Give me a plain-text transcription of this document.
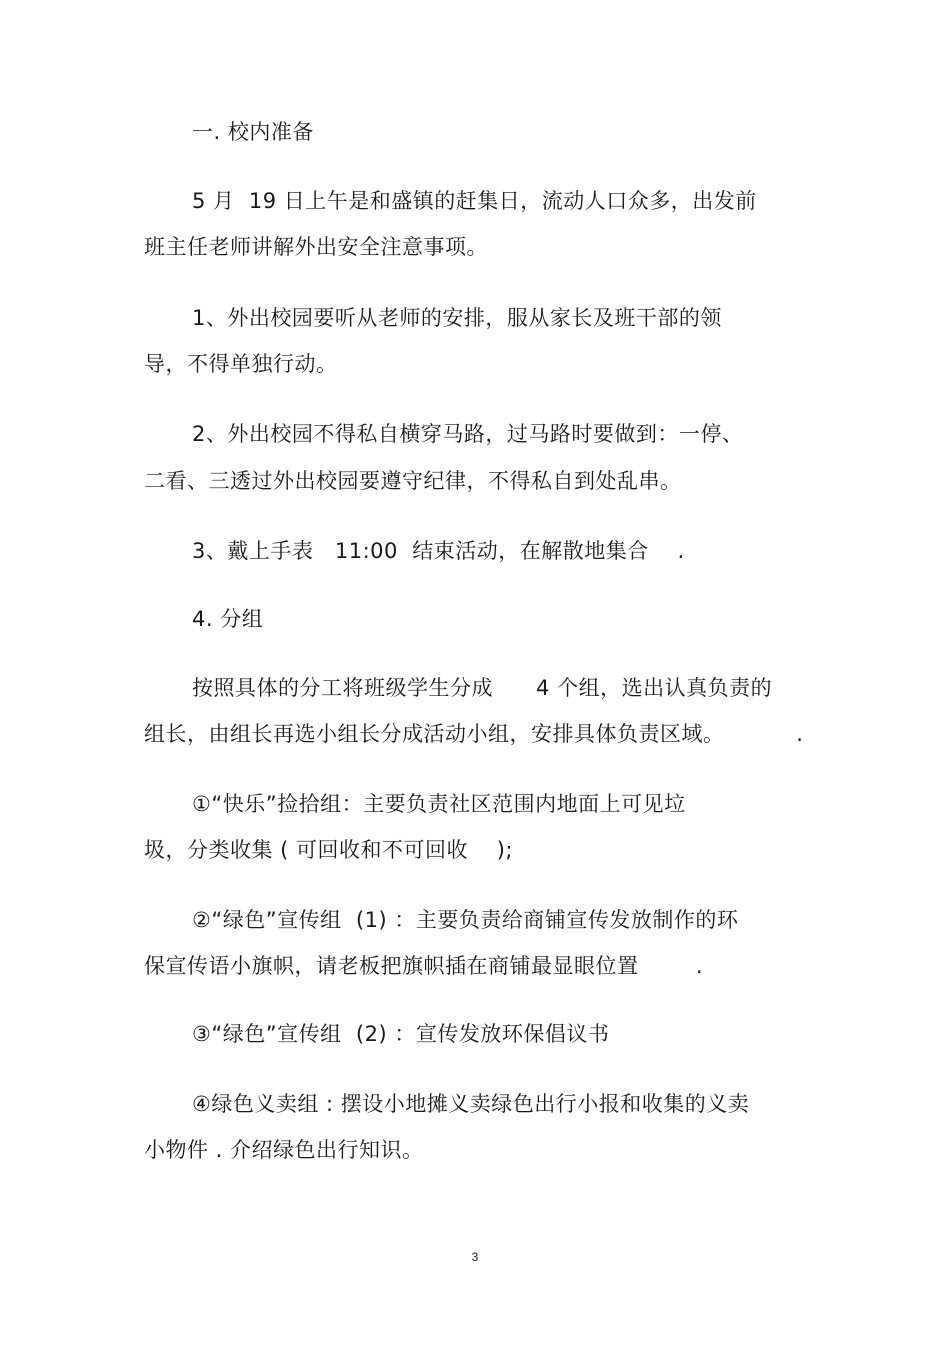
一. 校内准备
5 月  19 日上午是和盛镇的赶集日，流动人口众多，出发前
班主任老师讲解外出安全注意事项。
1、外出校园要听从老师的安排，服从家长及班干部的领
导，不得单独行动。
2、外出校园不得私自横穿马路，过马路时要做到：一停、
二看、三透过外出校园要遵守纪律，不得私自到处乱串。
3、戴上手表   11:00  结束活动，在解散地集合    .
4. 分组
按照具体的分工将班级学生分成      4 个组，选出认真负责的
组长，由组长再选小组长分成活动小组，安排具体负责区域。          .
①“快乐”捡拾组：主要负责社区范围内地面上可见垃
圾，分类收集 ( 可回收和不可回收    );
②“绿色”宣传组  (1) ：主要负责给商铺宣传发放制作的环
保宣传语小旗帜，请老板把旗帜插在商铺最显眼位置        .
③“绿色”宣传组  (2) ：宣传发放环保倡议书
④绿色义卖组 : 摆设小地摊义卖绿色出行小报和收集的义卖
小物件 . 介绍绿色出行知识。
3
